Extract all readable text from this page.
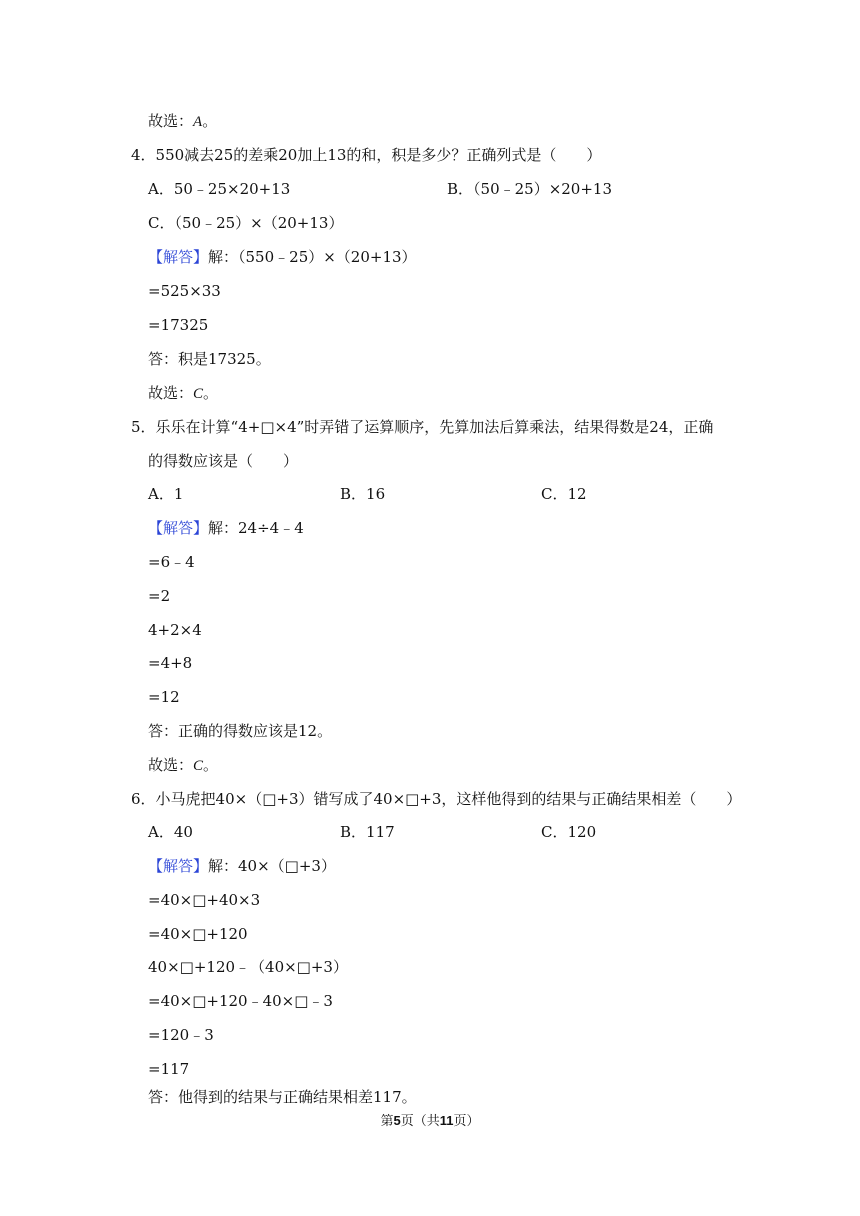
故选：A。
4．550减去25的差乘20加上13的和，积是多少？正确列式是（　　）
A．50﹣25×20+13	B．（50﹣25）×20+13
C．（50﹣25）×（20+13）
【解答】解：（550﹣25）×（20+13）
=525×33
=17325
答：积是17325。
故选：C。
5．乐乐在计算“4+□×4”时弄错了运算顺序，先算加法后算乘法，结果得数是24，正确
的得数应该是（　　）
A．1	B．16	C．12
【解答】解：24÷4﹣4
=6﹣4
=2
4+2×4
=4+8
=12
答：正确的得数应该是12。
故选：C。
6．小马虎把40×（□+3）错写成了40×□+3，这样他得到的结果与正确结果相差（　　）
A．40	B．117	C．120
【解答】解：40×（□+3）
=40×□+40×3
=40×□+120
40×□+120﹣（40×□+3）
=40×□+120﹣40×□﹣3
=120﹣3
=117
答：他得到的结果与正确结果相差117。
第5页（共11页）
